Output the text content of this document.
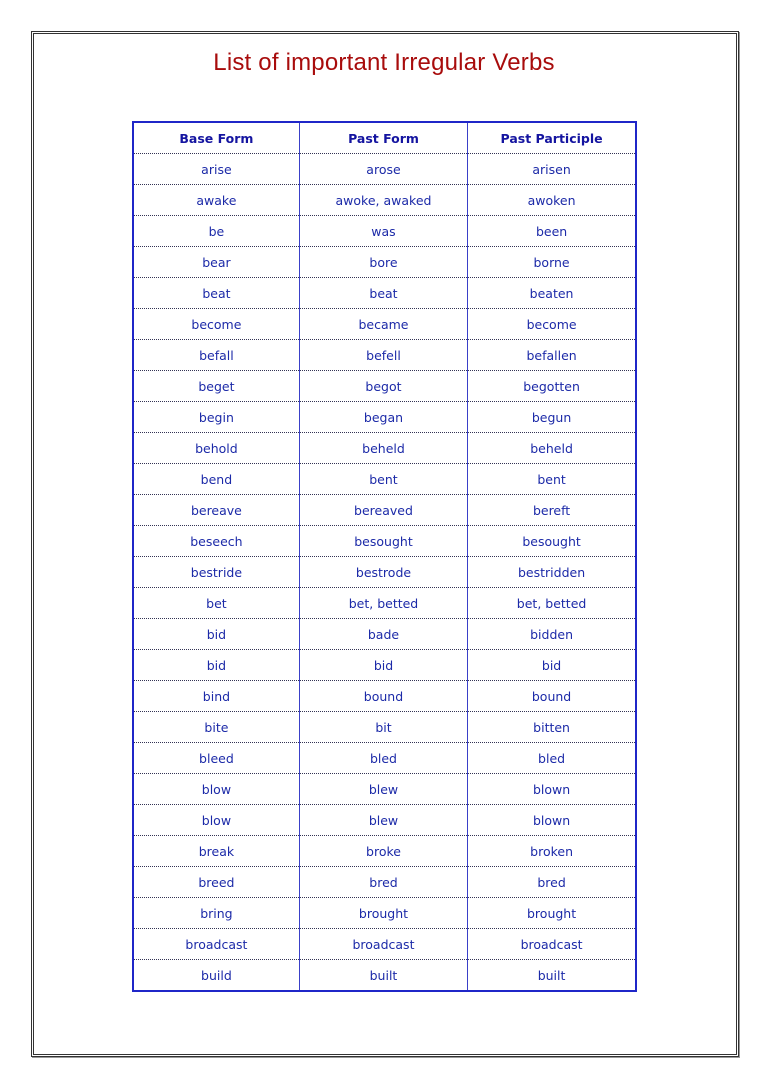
List of important Irregular Verbs
Base Form	Past Form	Past Participle
arise	arose	arisen
awake	awoke, awaked	awoken
be	was	been
bear	bore	borne
beat	beat	beaten
become	became	become
befall	befell	befallen
beget	begot	begotten
begin	began	begun
behold	beheld	beheld
bend	bent	bent
bereave	bereaved	bereft
beseech	besought	besought
bestride	bestrode	bestridden
bet	bet, betted	bet, betted
bid	bade	bidden
bid	bid	bid
bind	bound	bound
bite	bit	bitten
bleed	bled	bled
blow	blew	blown
blow	blew	blown
break	broke	broken
breed	bred	bred
bring	brought	brought
broadcast	broadcast	broadcast
build	built	built
